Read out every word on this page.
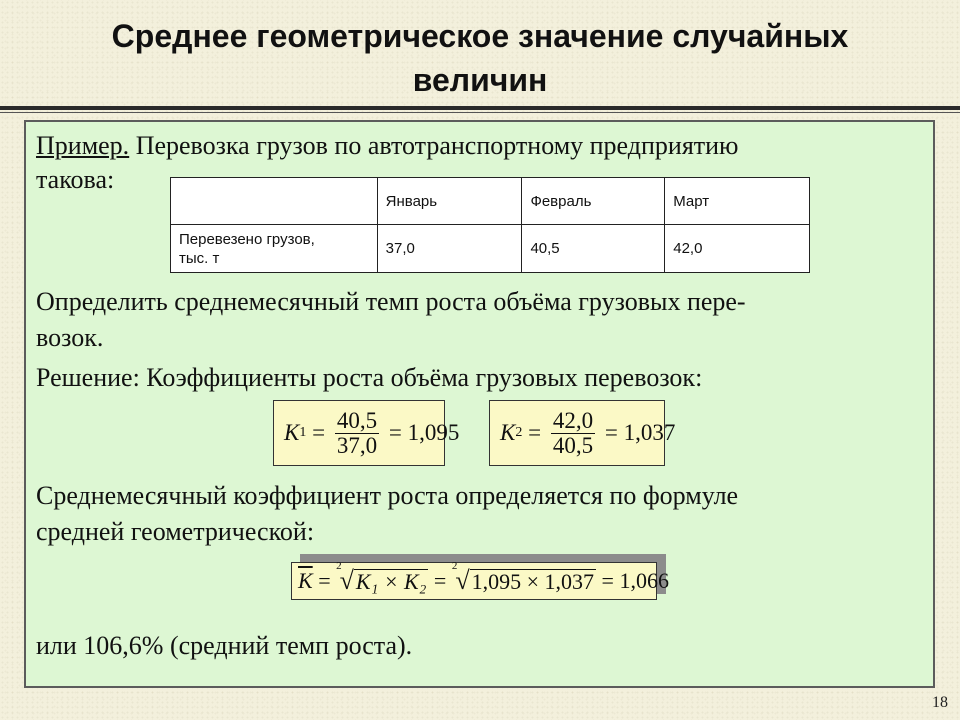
Среднее геометрическое значение случайных
величин
Пример. Перевозка грузов по автотранспортному предприятию
такова:
	Январь	Февраль	Март

Перевезено грузов,
тыс. т	37,0	40,5	42,0
Определить среднемесячный темп роста объёма грузовых пере-
возок.
Решение: Коэффициенты роста объёма грузовых перевозок:
K $1 = \frac{40,5}{37,0} = 1,095$ K $2 = \frac{42,0}{40,5} = 1,037$
Среднемесячный коэффициент роста определяется по формуле
средней геометрической:
$\overline{K}$ =
2
√ K₁ × K₂ =
2
√ 1,095 × 1,037 = 1,066
или 106,6% (средний темп роста).
18
